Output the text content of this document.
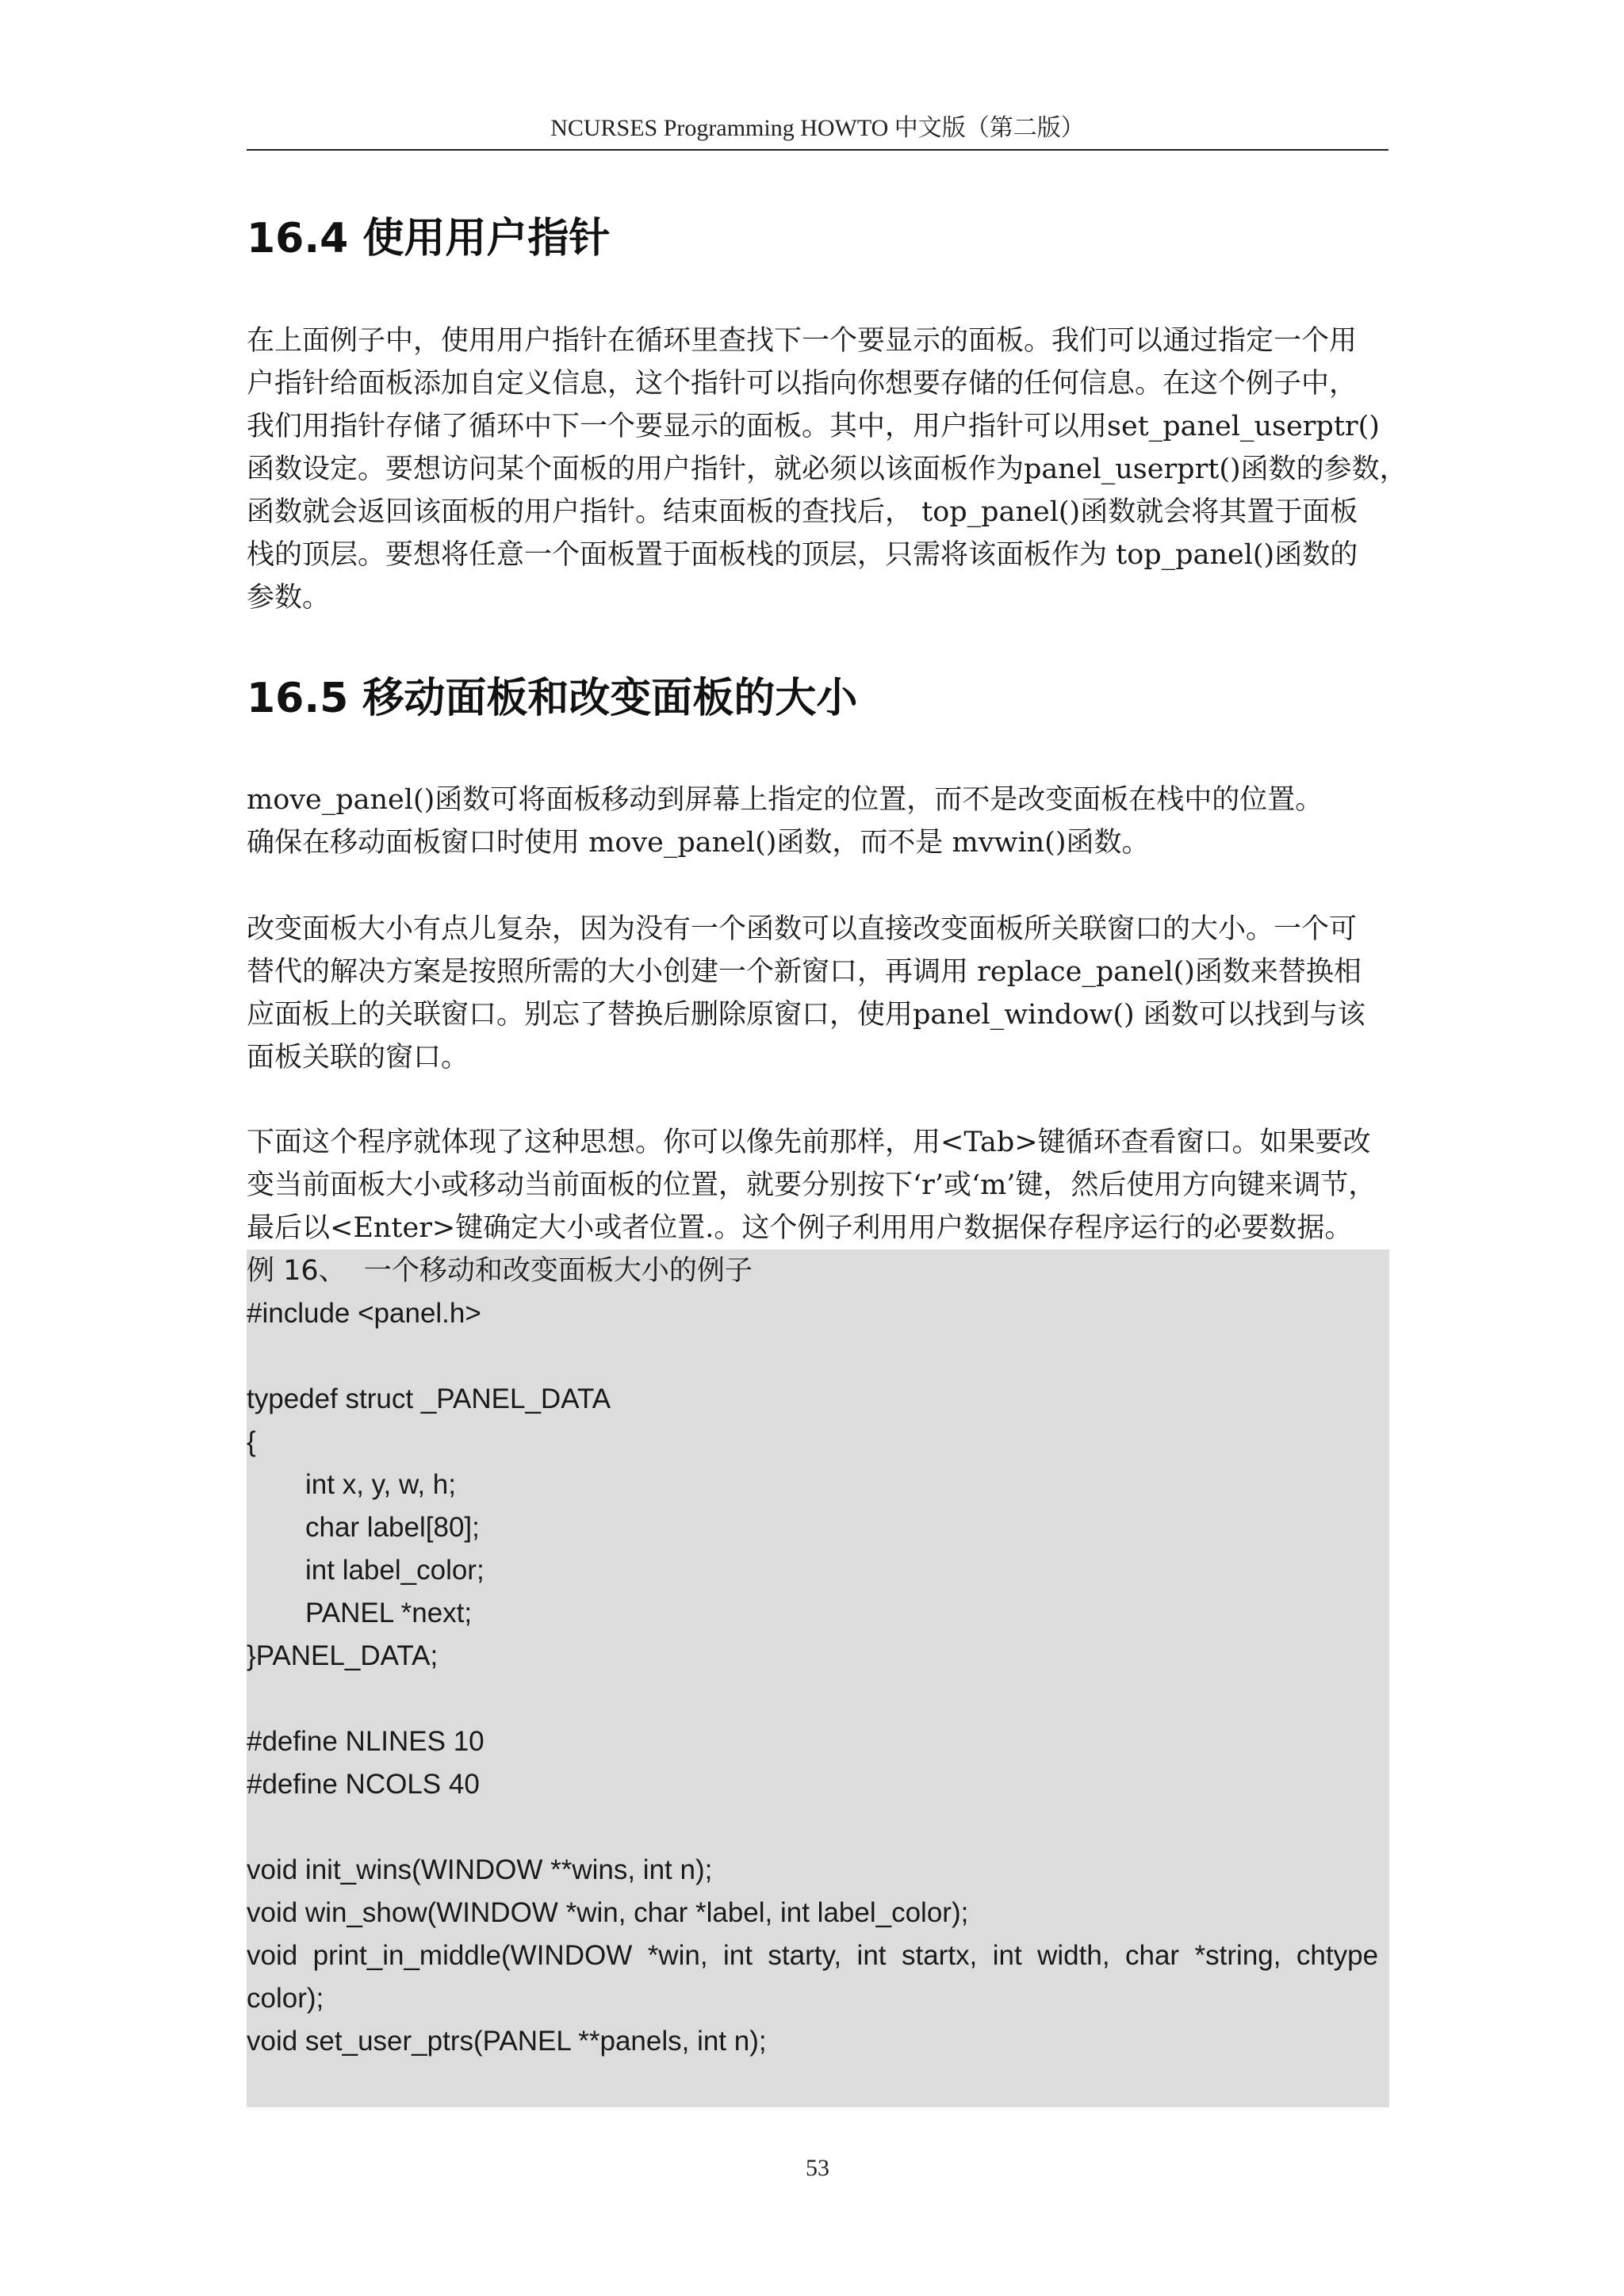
NCURSES Programming HOWTO 中文版（第二版）
16.4 使用用户指针
在上面例子中，使用用户指针在循环里查找下一个要显示的面板。我们可以通过指定一个用
户指针给面板添加自定义信息，这个指针可以指向你想要存储的任何信息。在这个例子中，
我们用指针存储了循环中下一个要显示的面板。其中，用户指针可以用set_panel_userptr()
函数设定。要想访问某个面板的用户指针，就必须以该面板作为panel_userprt()函数的参数，
函数就会返回该面板的用户指针。结束面板的查找后， top_panel()函数就会将其置于面板
栈的顶层。要想将任意一个面板置于面板栈的顶层，只需将该面板作为 top_panel()函数的
参数。
16.5 移动面板和改变面板的大小
move_panel()函数可将面板移动到屏幕上指定的位置，而不是改变面板在栈中的位置。
确保在移动面板窗口时使用 move_panel()函数，而不是 mvwin()函数。
改变面板大小有点儿复杂，因为没有一个函数可以直接改变面板所关联窗口的大小。一个可
替代的解决方案是按照所需的大小创建一个新窗口，再调用 replace_panel()函数来替换相
应面板上的关联窗口。别忘了替换后删除原窗口，使用panel_window() 函数可以找到与该
面板关联的窗口。
下面这个程序就体现了这种思想。你可以像先前那样，用<Tab>键循环查看窗口。如果要改
变当前面板大小或移动当前面板的位置，就要分别按下‘r’或‘m’键，然后使用方向键来调节，
最后以<Enter>键确定大小或者位置.。这个例子利用用户数据保存程序运行的必要数据。
例 16、  一个移动和改变面板大小的例子
#include <panel.h>
typedef struct _PANEL_DATA
{
int x, y, w, h;
char label[80];
int label_color;
PANEL *next;
}PANEL_DATA;
#define NLINES 10
#define NCOLS 40
void init_wins(WINDOW **wins, int n);
void win_show(WINDOW *win, char *label, int label_color);
void  print_in_middle(WINDOW  *win,  int  starty,  int  startx,  int  width,  char  *string,  chtype
color);
void set_user_ptrs(PANEL **panels, int n);
53
